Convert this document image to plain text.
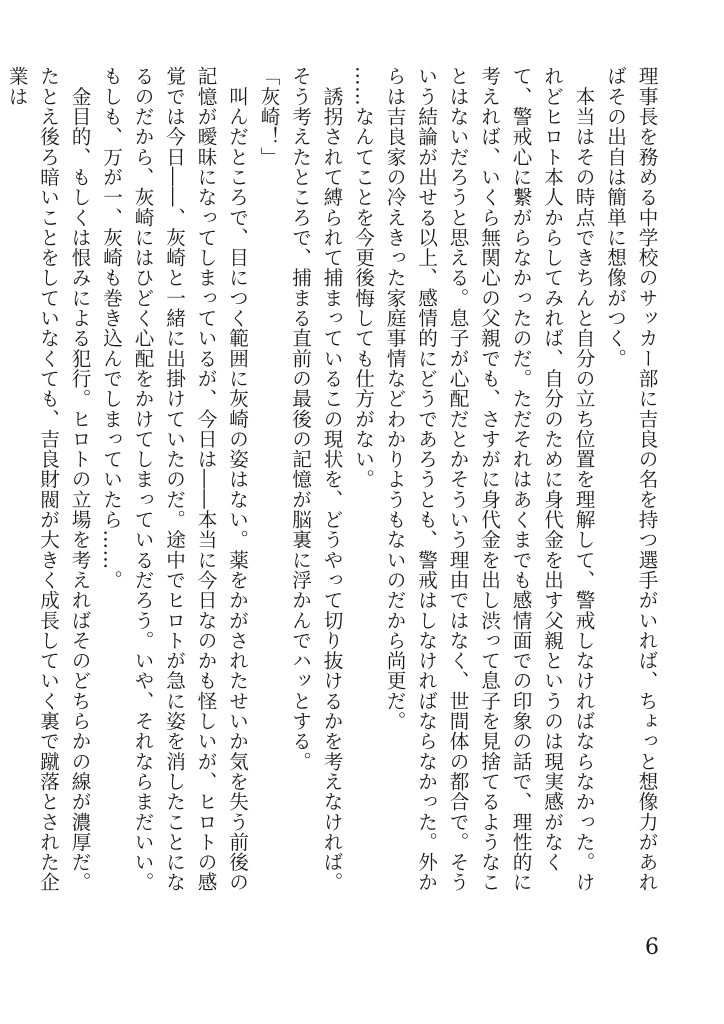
理事長を務める中学校のサッカー部に吉良の名を持つ選手がいれば、ちょっと想像力があればその出自は簡単に想像がつく。

　本当はその時点できちんと自分の立ち位置を理解して、警戒しなければならなかった。けれどヒロト本人からしてみれば、自分のために身代金を出す父親というのは現実感がなくて、警戒心に繋がらなかったのだ。ただそれはあくまでも感情面での印象の話で、理性的に考えれば、いくら無関心の父親でも、さすがに身代金を出し渋って息子を見捨てるようなことはないだろうと思える。息子が心配だとかそういう理由ではなく、世間体の都合で。そういう結論が出せる以上、感情的にどうであろうとも、警戒はしなければならなかった。外からは吉良家の冷えきった家庭事情などわかりようもないのだから尚更だ。

……なんてことを今更後悔しても仕方がない。

　誘拐されて縛られて捕まっているこの現状を、どうやって切り抜けるかを考えなければ。そう考えたところで、捕まる直前の最後の記憶が脳裏に浮かんでハッとする。

「灰崎！」

　叫んだところで、目につく範囲に灰崎の姿はない。薬をかがされたせいか気を失う前後の記憶が曖昧になってしまっているが、今日は――本当に今日なのかも怪しいが、ヒロトの感覚では今日――、灰崎と一緒に出掛けていたのだ。途中でヒロトが急に姿を消したことになるのだから、灰崎にはひどく心配をかけてしまっているだろう。いや、それならまだいい。もしも、万が一、灰崎も巻き込んでしまっていたら……。

　金目的、もしくは恨みによる犯行。ヒロトの立場を考えればそのどちらかの線が濃厚だ。たとえ後ろ暗いことをしていなくても、吉良財閥が大きく成長していく裏で蹴落とされた企業は

6
